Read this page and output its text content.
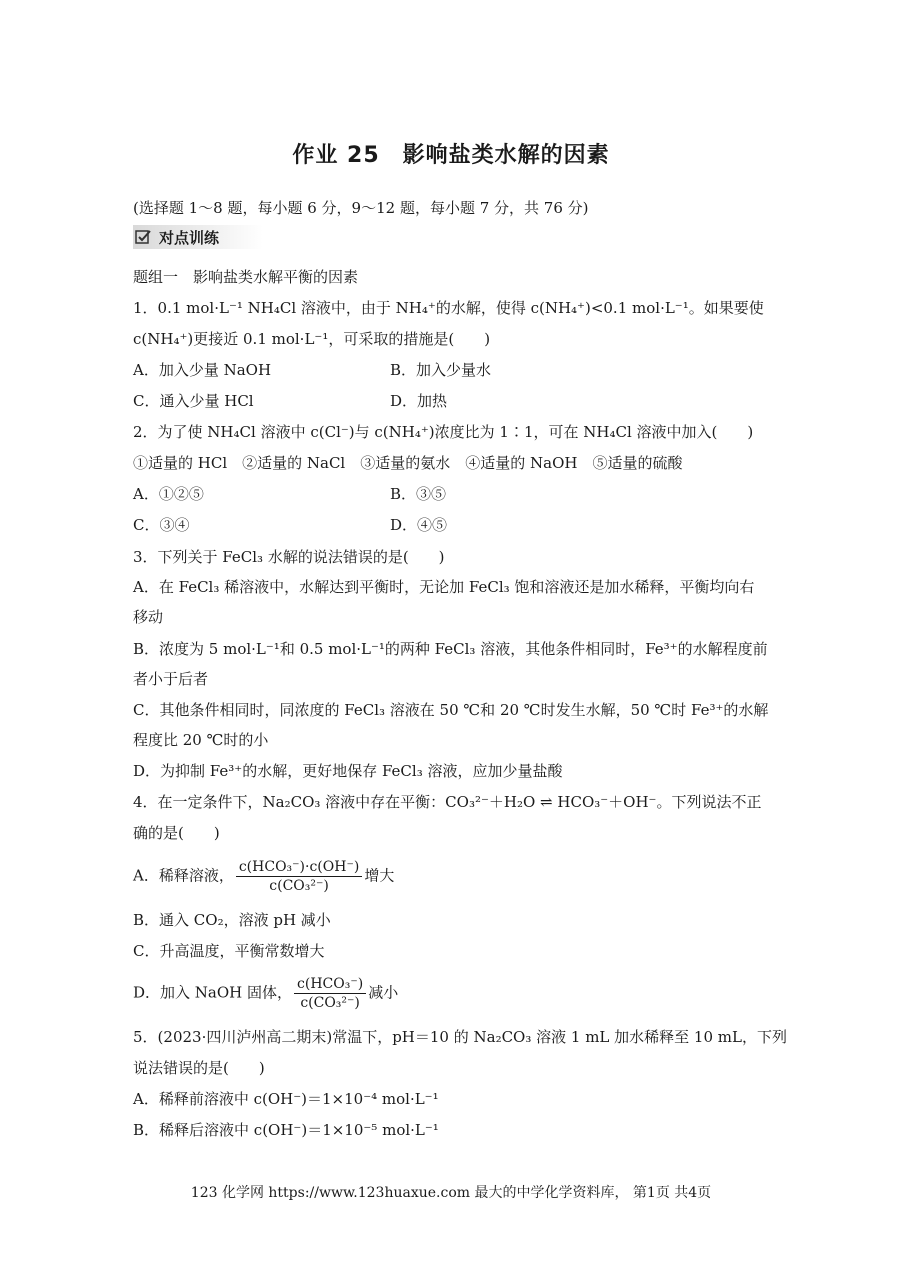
作业 25　影响盐类水解的因素
(选择题 1～8 题，每小题 6 分，9～12 题，每小题 7 分，共 76 分)
对点训练
题组一　影响盐类水解平衡的因素
1．0.1 mol·L⁻¹ NH₄Cl 溶液中，由于 NH₄⁺的水解，使得 c(NH₄⁺)<0.1 mol·L⁻¹。如果要使
c(NH₄⁺)更接近 0.1 mol·L⁻¹，可采取的措施是(　　)
A．加入少量 NaOH	B．加入少量水
C．通入少量 HCl	D．加热
2．为了使 NH₄Cl 溶液中 c(Cl⁻)与 c(NH₄⁺)浓度比为 1∶1，可在 NH₄Cl 溶液中加入(　　)
①适量的 HCl　②适量的 NaCl　③适量的氨水　④适量的 NaOH　⑤适量的硫酸
A．①②⑤	B．③⑤
C．③④	D．④⑤
3．下列关于 FeCl₃ 水解的说法错误的是(　　)
A．在 FeCl₃ 稀溶液中，水解达到平衡时，无论加 FeCl₃ 饱和溶液还是加水稀释，平衡均向右
移动
B．浓度为 5 mol·L⁻¹和 0.5 mol·L⁻¹的两种 FeCl₃ 溶液，其他条件相同时，Fe³⁺的水解程度前
者小于后者
C．其他条件相同时，同浓度的 FeCl₃ 溶液在 50 ℃和 20 ℃时发生水解，50 ℃时 Fe³⁺的水解
程度比 20 ℃时的小
D．为抑制 Fe³⁺的水解，更好地保存 FeCl₃ 溶液，应加少量盐酸
4．在一定条件下，Na₂CO₃ 溶液中存在平衡：CO₃²⁻＋H₂O ⇌ HCO₃⁻＋OH⁻。下列说法不正
确的是(　　)
A．稀释溶液， $\frac{\text{c(HCO₃⁻)·c(OH⁻)}}{\text{c(CO₃²⁻)}}$ 增大
B．通入 CO₂，溶液 pH 减小
C．升高温度，平衡常数增大
D．加入 NaOH 固体， $\frac{\text{c(HCO₃⁻)}}{\text{c(CO₃²⁻)}}$ 减小
5．(2023·四川泸州高二期末)常温下，pH＝10 的 Na₂CO₃ 溶液 1 mL 加水稀释至 10 mL，下列
说法错误的是(　　)
A．稀释前溶液中 c(OH⁻)＝1×10⁻⁴ mol·L⁻¹
B．稀释后溶液中 c(OH⁻)＝1×10⁻⁵ mol·L⁻¹
123 化学网 https://www.123huaxue.com 最大的中学化学资料库， 第1页 共4页
